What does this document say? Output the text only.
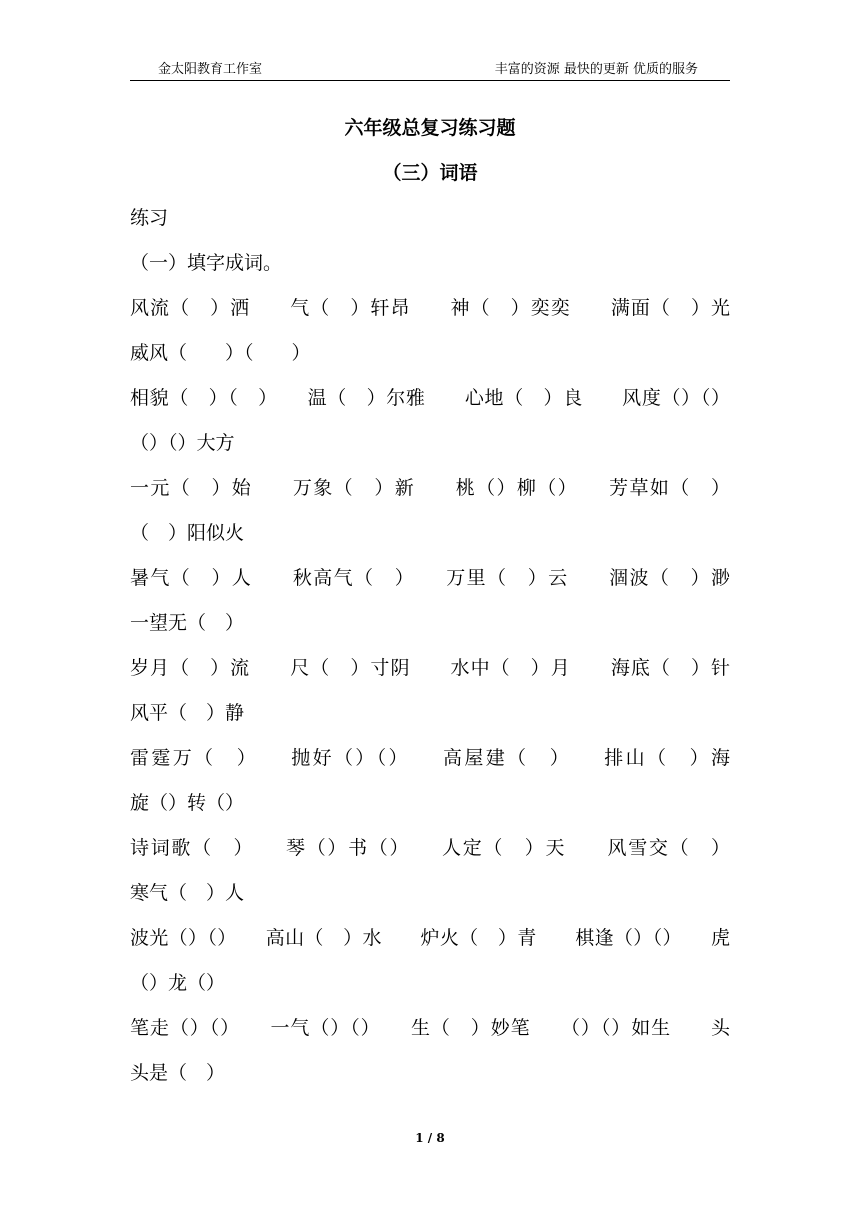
金太阳教育工作室	丰富的资源 最快的更新 优质的服务
六年级总复习练习题
（三）词语
练习
（一）填字成词。
风流（　）洒　　气（　）轩昂　　神（　）奕奕　　满面（　）光
威风（　　）（　　）
相貌（　）（　）　　温（　）尔雅　　心地（　）良　　风度（）（）
（）（）大方
一元（　）始　　万象（　）新　　桃（）柳（）　　芳草如（　）
（　）阳似火
暑气（　）人　　秋高气（　）　　万里（　）云　　涸波（　）渺
一望无（　）
岁月（　）流　　尺（　）寸阴　　水中（　）月　　海底（　）针
风平（　）静
雷霆万（　）　　抛好（）（）　　高屋建（　）　　排山（　）海
旋（）转（）
诗词歌（　）　　琴（）书（）　　人定（　）天　　风雪交（　）
寒气（　）人
波光（）（）　　高山（　）水　　炉火（　）青　　棋逢（）（）　　虎
（）龙（）
笔走（）（）　　一气（）（）　　生（　）妙笔　　（）（）如生　　头
头是（　）
1 / 8
